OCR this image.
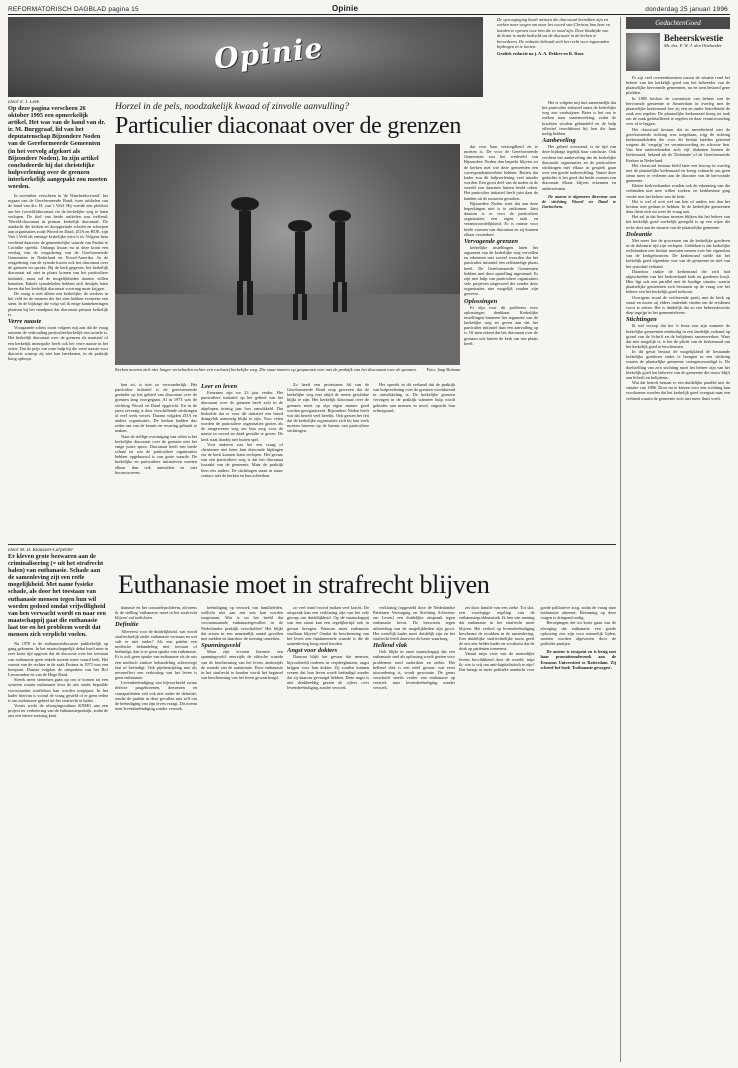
REFORMATORISCH DAGBLAD pagina 15	Opinie	donderdag 25 januari 1996
Opinie
De opvoeginging kwalt mensen die diaconaal betrokken zijn en zoeken naar wegen om naar het woord van Christus hun hart en handen te openen voor hen die in nood zijn. Deze bladzijde van de krant is mede bedoeld om de discussie in de kerken te bevorderen. De redactie behoudt zich het recht voor ingezonden bijdragen in te korten.
Grafiek redactie na j. A. A. Dekker en R. Roos
GedachtenGoed
Beheerskwestie
Mr. drs. F. W. J. den Ottelander

Er zijt veel overeenkomsten tussen de situatie rond het beheer van het kerkelijk goed van het beheerder van de plaatselijke hervormde gemeenten, nu en toen bestond gene pfedden.

In 1885 besloot de commissie van beheer van de hervormde gemeente te Amsterdam in overleg met de plaatselijke kerkenraad hoe zij een en ander betreffende de zaak zou regelen. De plaatselijke kerkenraad kreeg tot taak om de zaak gedetailleerd te regelen en daar verantwoording over af te leggen.

Het classicaal bestuur dat in meerderheid niet de gereformeerde richting was toegedaan, trijg de richting kerkenraadsleden die voor dit besluit hadden gestemd wegens dit 'vergrijp' ter verantwoording en schorste hen. Van hen ondertekenden zich vijf diakenen binnen de kerkenraad, bekend als de 'Doleantie' of de Gereformeerde Kerken in Nederland.

Het classicaal bestuur hield later een beroep in overleg met de plaatselijke kerkenraad en kreeg volmacht om geen steun meer te verlenen aan de diaconie van de hervormde gemeente.

Kleine kerkverbanden zouden ook de erkenning van die verbanden niet mee willen zoeken, en kerkbestuur ging verder met het beheer van de kerk.

Het is wel ol ooit wel om hen of anders iets dan het bestuur niet gedaan te hebben. In de kerkelijke gemeenten daar dient zich nu weer de vraag aan.

Het zal in dat bestuur moeten blijken dat het beheer van het kerkelijk goed werkelijk geregeld is op een wijze die recht doet aan de situatie van de plaatselijke gemeente.

Doleantie

Met meer hoe de processen om de kerkelijke goederen in de doleantie tijd zijn verlopen. Gebleken is dat kerkelijke rechtbanken een besluit moesten nemen over het eigendom van de kerkgebouwen. De kerkenraad stelde dat het kerkelijk goed eigendom was van de gemeente en niet van het synodaal verband.

Daardoor raakte de kerkenraad die zich had afgescheiden van het kerkverband kerk en goederen kwijt. Hier ligt ook een parallel met de huidige situatie, waarin plaatselijke gemeenten zich bezinnen op de vraag wie het beheer van het kerkelijk goed toekomt.

Overigens stond de verliezende partij met de kerk op straat en moest zij elders onderdak vinden om de eredienst voort te zetten. Het is duidelijk dat zo een beheerskwestie diep ingrijpt in het gemeenteleven.

Stichtingen

Ik stel voorop dat het 'n beste zou zijn wanneer de kerkelijke gemeenten eenduidig in een landelijk verband op grond van de Schrift en de belijdenis samenwerken. Waar dat niet mogelijk is, is het de plicht van de kerkenraad om het kerkelijk goed te beschermen.

In dit geval bestaat de mogelijkheid de bestaande kerkelijke goederen onder te brengen in een stichting waarin de plaatselijke gemeente vertegenwoordigd is. De doelstelling van zo'n stichting moet het beheer zijn van het kerkelijk goed ten behoeve van de gemeente die trouw blijft aan Schrift en belijdenis.

Wat dat betreft bestaat er een duidelijke parallel met de situatie van 1886. Door nu te kiezen voor een stichting kan voorkomen worden dat het kerkelijk goed overgaat naar een verband waarin de gemeente zich niet meer thuis voelt.

Door ir. J. Leek
Op deze pagina verscheen 26 oktober 1995 een opmerkelijk artikel. Het was van de hand van dr. ir. M. Burggraaf, lid van het deputatenschap Bijzondere Noden van de Gereformeerde Gemeenten (in het vervolg afgekort als Bijzondere Noden). In zijn artikel concludeerde hij dat christelijke hulpverlening over de grenzen interkerkelijk aangepakt zou moeten worden.

In november verscheen in 'de Waarheidsvriend', het orgaan van de Gereformeerde Bond, twee artikelen van de hand van drs. H. van 't Veld. Hij voerde een pleidooi om het (wereld)diaconaat via de kerkelijke weg te laten verlopen. De titel van beide artikelen was treffend: 'Wereld-diaconaat in primair kerkelijk diaconaat'. De aandacht die kerken en doopgezinde echoën en scherpen aan organisaties zoals Woord en Daad, ZOA en HOE, zijn Van 't Veld als ernstige kerkelijke risico's in. Volgens hem verdiend daarvoor de gemeentelijke waarde van Paulus te Corinthe spreekt. Onlangs kwam nu in deze krant een verslag van de vergadering van de Gereformeerde Gemeenten in Nederland en Noord-Amerika. In de vergadering van de synode kwam ook het diaconaat over de grenzen ter sprake. Bij de kerk gegeven, het kerkelijk diaconaat zal niet in plaats komen van het particuliere initiatief, maar zal de mogelijkheden daartoe willen benutten. Enkele synodeleden hebben zich destijds laten horen dat het kerkelijk diaconaat voorrang moet krijgen.

De vraag is niet alleen een kerkelijke; de werkers in het veld en de mensen die het zien hebben eveneens een stem. In de bijdrage die volgt wil ik enige kanttekeningen plaatsen bij het standpunt dat diaconaat primair kerkelijk is.

Verre naaste

Voorgaande schets toont volgens mij aan dat de vraag omtrent de verhouding particulier/kerkelijk een actuele is. Het kerkelijk diaconaat over de grenzen als maatstaf of een kerkelijk monopolie heeft ook het verre naaste in het vizier. Dat de prijs van onze hulp bij die verre naaste voor diaconie waarop zij niet kan berekenen, in de praktijk hoog oploopt.

Horzel in de pels, noodzakelijk kwaad of zinvolle aanvulling?
Particulier diaconaat over de grenzen
Kerken moeten zich niet langer verschuilen achter een exclusief kerkelijke weg. Die staat immers op gespannen voet met de praktijk van het diaconaat over de grenzen. Foto: Jaap Rolsma

ken zit, is niet zo verwonderlijk. Het particulier initiatief is de gereformeerde gezindte op het gebied van diaconaat over de grenzen lang voorgegaan. Al in 1973 was de stichting Woord en Daad opgericht. En in de jaren zeventig is door verschillende stichtingen al veel werk verzet. Daarna volgden ZOA en andere organisaties. De kerken hadden dus reden om van de kennis en ervaring gebruik te maken.

Naar de stellige overtuiging van velen is het kerkelijke diaconaat over de grenzen niet het enige juiste spoor. Diaconaat heeft een brede schaal en wat de particuliere organisaties hebben opgebouwd is van grote waarde. De kerkelijke en particuliere initiatieven moeten elkaar dan ook aanvullen en niet beconcurreren.

Leer en leven

Eenzaam zijn we 23 jaar verder. Het particuliere initiatief op het gebied van het diaconaat over de grenzen heeft zich in de afgelopen twintig jaar fors ontwikkeld. Dat bedoelde dat er voor dit initiatief een breed draagvlak aanwezig blijkt te zijn. Voor velen worden de particuliere organisaties gezien als de aangewezen weg om hun zorg voor de naaste in woord en daad gestalte te geven. De kerk staat daarbij niet buiten spel.

Voor anderen was het een vraag of christenen niet beter hun diaconale bijdragen via de kerk kunnen laten verlopen. Het gevaar van een particuliere weg is dat het diaconaat losraakt van de gemeente. Maar de praktijk leert iets anders. De stichtingen staan in nauw contact met de kerken en hun achterban.

Zo heeft een protestants lid van de Gereformeerde Bond erop gewezen dat de kerkelijke weg niet altijd de meest geschikte blijkt te zijn. Het kerkelijk diaconaat over de grenzen moet op zijn eigen manier goed worden georganiseerd. Bijzondere Noden heeft wat dat betreft veel bereikt. Ook gezien het feit dat de kerkelijke organisaties zich bij hun werk moeten baseren op de kennis van particuliere stichtingen.

Het spreekt in dit verband dat de praktijk van hulpverlening over de grenzen voortdurend in ontwikkeling is. De kerkelijke grenzen vervagen in de praktijk wanneer hulp wordt geboden aan mensen in nood, ongeacht hun achtergrond.

dat voor haar verzorgdheid zit te moeten is. De voor de Gereformeerde Gemeenten zou het werkveld van Bijzondere Noden dan beperkt blijven tot de kerken met wie deze gemeenten een correspondentierelatie hebben. Buiten dat kader zou dit hulpverlening veel minder worden. Een groot deel van de noden in de wereld zou daarmee buiten beeld raken. Het particulier initiatief heeft juist daar de handen uit de mouwen gestoken.

Bijzondere Noden weet dat aan deze beperkingen niet is te ontkomen. Juist daarom is er voor de particuliere organisaties een eigen taak en verantwoordelijkheid. Er is ruimte voor beide vormen van diaconaat en zij kunnen elkaar versterken.

Vervagende grenzen

kerkelijke instellingen laten het argument van de kerkelijke weg vervallen en erkennen met zoveel woorden dat het particulier initiatief een zelfstandige plaats heeft. De Gereformeerde Gemeenten hebben met deze opstelling ingestemd. Er zijn met hulp van particuliere organisaties vele projecten uitgevoerd die zonder deze organisaties niet mogelijk zouden zijn geweest.

Oplossingen

Er zijn voor dit probleem twee oplossingen denkbaar. Kerkelijke instellingen hanteren het argument van de kerkelijke weg en geven aan dat het particulier initiatief daar een aanvulling op is. Of men erkent dat het diaconaat over de grenzen ook buiten de kerk om een plaats heeft.

Het is volgens mij niet aannemelijk dat het particulier initiatief naast de kerkelijke weg zou verdwijnen. Beter is het om te zoeken naar samenwerking, zodat de krachten worden gebundeld en de hulp effectief terechtkomt bij hen die haar nodig hebben.

Aanbeveling

Het geheel overziend, is de tijd van deze bijdrage tegelijk haar conclusie. Ook verdient het aanbeveling dat de kerkelijke diaconale organisaties en de particuliere stichtingen met elkaar in gesprek gaan over een goede taakverdeling. Vanuit deze gedachte is het goed dat beide vormen van diaconaat elkaar blijven erkennen en ondersteunen.

De auteur is algemeen directeur van de stichting Woord en Daad te Gorinchem.

Door M. D. Klaassen-Carpenter
Er kleven grote bezwaren aan de criminalisering (= uit het strafrecht halen) van euthanasie. Schade aan de samenleving zijt een reële mogelijkheid. Met name fysieke schade, als door het toestaan van euthanasie mensen tegen hun wil worden gedood omdat vrijwilligheid van hen verwacht wordt en naar een maatschappij gaat die euthanasie laat toe en het probleem wordt dat mensen zich verplicht voelen.

Nu 1970 is de euthanasiediscussie publiekelijk op gang gekomen. In het maatschappelijk debat heeft men in zeer korte tijd opgevat dat de discussie over het toestaan van euthanasie geen enkele moeite meer waard leek. Het vonnis van de rechter in de zaak Postma in 1973 was een keerpunt. Daarna volgden de uitspraken van het Hof Leeuwarden en van de Hoge Raad.

Steeds meer stemmen gaan op om te komen tot een systeem waarin euthanasie door de arts onder bepaalde voorwaarden straffeloos kan worden toegepast. In het kader hiervan is vooral de vraag gesteld of er geen reden is om euthanasie geheel uit het strafrecht te halen.

Voorts werkt de afwegingscultuur KNMG aan een project ter verbetering van de euthanasiepraktijk, zodat de arts een betere toetsing kent.

Euthanasie moet in strafrecht blijven

thanasie en het comateleprobleem, alvorens ik de stelling 'euthanasie moet in het strafrecht blijven' zal toelichten.

Definitie

Allereerst voor de duidelijkheid, wat wordt strafrechtelijk onder euthanasie verstaan en wat valt er niet onder? Als een patiënt een medische behandeling niet toestaat of beëindigt, dan is er geen sprake van euthanasie. Er is ook geen sprake van euthanasie als de arts een medisch zinloze behandeling achterwege laat of beëindigt. Ook pijnbestrijding met als neveneffect een verkorting van het leven is geen euthanasie.

Levensbeëindiging van bijvoorbeeld zwaar defecte pasgeborenen, dementen en comapatiënten valt ook niet onder de definitie, omdat de patiënt in deze gevallen niet zelf om de beëindiging van zijn leven vraagt. Dit noemt men levensbeëindiging zonder verzoek.

beëindiging op verzoek van familieleden, wellicht niet aan een arts kan worden toegestaan. Wat is nu het beeld dat vooraanstaande euthanasiegevallen in de Nederlandse praktijk verschaffen? Het blijkt dat artsen in een aanzienlijk aantal gevallen niet melden en daardoor de toetsing omzeilen.

Spanningsveld

Maar zijn ervaren hiermee een spanningsveld: enerzijds de ethische waarde van de bescherming van het leven, anderzijds de waarde van de autonomie. Door euthanasie in het strafrecht te houden wordt het beginsel van bescherming van het leven gewaarborgd.

zo veel wind vooraf maken veel kracht. De uitspraak kan een verklaring zijn van het vele geroep om duidelijkheid. Op de maatschappij van een straat kan een tegelijkertijd ook in gevaar brengen. Waarom moet euthanasie strafbaar blijven? Omdat de bescherming van het leven een fundamentele waarde is die de samenleving hoog moet houden.

Angst voor dokters

Daarom blijft het gevaar dat mensen, bijvoorbeeld ouderen in verpleeghuizen, angst krijgen voor hun dokter. Zij zouden kunnen vrezen dat hun leven wordt beëindigd zonder dat zij daarom gevraagd hebben. Deze angst is niet denkbeeldig gezien de cijfers over levensbeëindiging zonder verzoek.

verklaring (opgesteld door de Nederlandse Patiënten Vereniging en Stichting Schreeuw om Leven) een duidelijke uitspraak tegen euthanasie bevat. De bezwaren tegen uitbreiding van de mogelijkheden zijn groot. Het wettelijk kader moet duidelijk zijn en het strafrecht biedt daarvoor de beste waarborg.

Hellend vlak

Ook blijkt in onze maatschappij dat een euthanasie snel als oplossing wordt gezien voor problemen rond ouderdom en ziekte. Het hellend vlak is een reëel gevaar: wat eerst uitzondering is, wordt gewoonte. De grens verschuift steeds verder van euthanasie op verzoek naar levensbeëindiging zonder verzoek.

zet door familie van een zieke. Tot slot, een voorlopige regeling van de euthanasieproblematiek. Ik ben van mening dat euthanasie in het strafrecht moet blijven. Het verbod op levensbeëindiging beschermt de zwakken in de samenleving. Een duidelijke strafrechtelijke norm geeft de arts een helder kader en voorkomt dat de druk op patiënten toeneemt.

Vanuit mijn visie van de menselijke levens beschikkend door de wereld, mijn ik: wie is vrij om anti-kapitalistisch te zijn? Dat brengt in meer politieke aandacht voor goede palliatieve zorg, zodat de vraag naar euthanasie afneemt. Bezinning op deze vragen is dringend nodig.

Beroepingen die tot korte gaan van de afweging dat euthanasie een goede oplossing zou zijn voor menselijk lijden, moeten worden afgewezen door de politieke partijen.

De auteur is terapeut en is bezig met haar promotieonderzoek aan de Erasmus Universiteit te Rotterdam. Zij schreef het boek 'Euthanasie gewogen'.
